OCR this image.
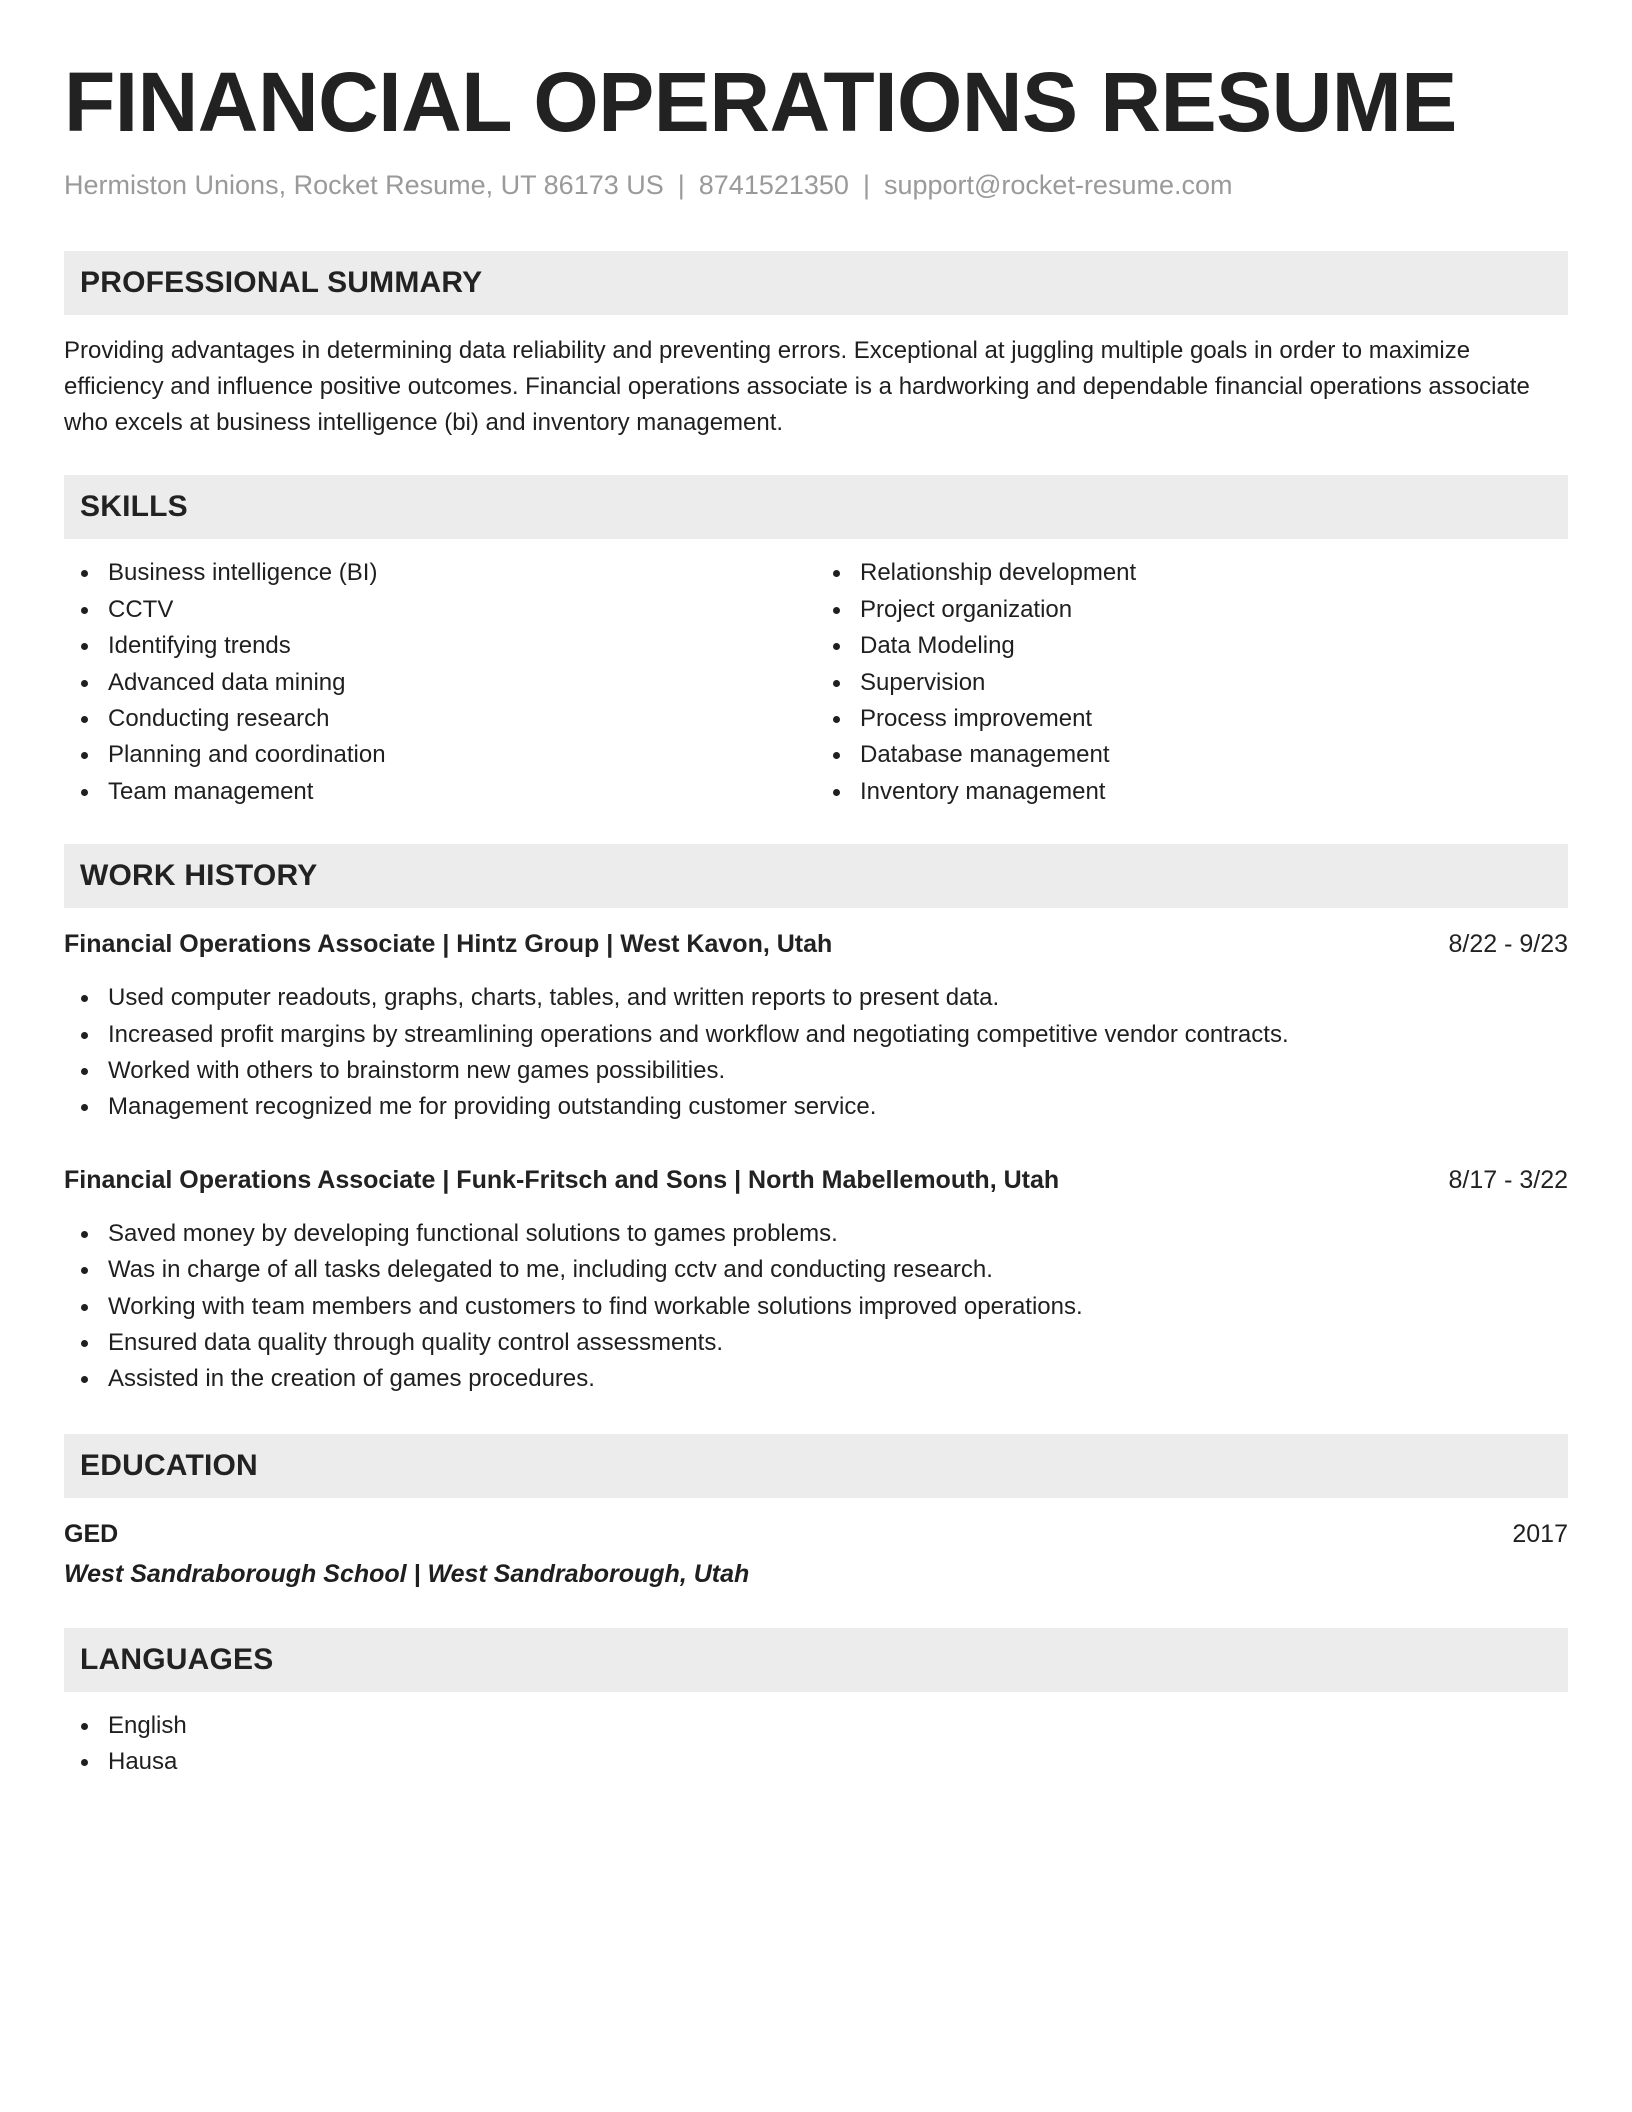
FINANCIAL OPERATIONS RESUME
Hermiston Unions, Rocket Resume, UT 86173 US | 8741521350 | support@rocket-resume.com
PROFESSIONAL SUMMARY

Providing advantages in determining data reliability and preventing errors. Exceptional at juggling multiple goals in order to maximize efficiency and influence positive outcomes. Financial operations associate is a hardworking and dependable financial operations associate who excels at business intelligence (bi) and inventory management.

SKILLS
Business intelligence (BI)
CCTV
Identifying trends
Advanced data mining
Conducting research
Planning and coordination
Team management
Relationship development
Project organization
Data Modeling
Supervision
Process improvement
Database management
Inventory management
WORK HISTORY
Financial Operations Associate | Hintz Group | West Kavon, Utah	8/22 - 9/23
Used computer readouts, graphs, charts, tables, and written reports to present data.
Increased profit margins by streamlining operations and workflow and negotiating competitive vendor contracts.
Worked with others to brainstorm new games possibilities.
Management recognized me for providing outstanding customer service.
Financial Operations Associate | Funk-Fritsch and Sons | North Mabellemouth, Utah	8/17 - 3/22
Saved money by developing functional solutions to games problems.
Was in charge of all tasks delegated to me, including cctv and conducting research.
Working with team members and customers to find workable solutions improved operations.
Ensured data quality through quality control assessments.
Assisted in the creation of games procedures.
EDUCATION
GED	2017
West Sandraborough School | West Sandraborough, Utah
LANGUAGES
English
Hausa
